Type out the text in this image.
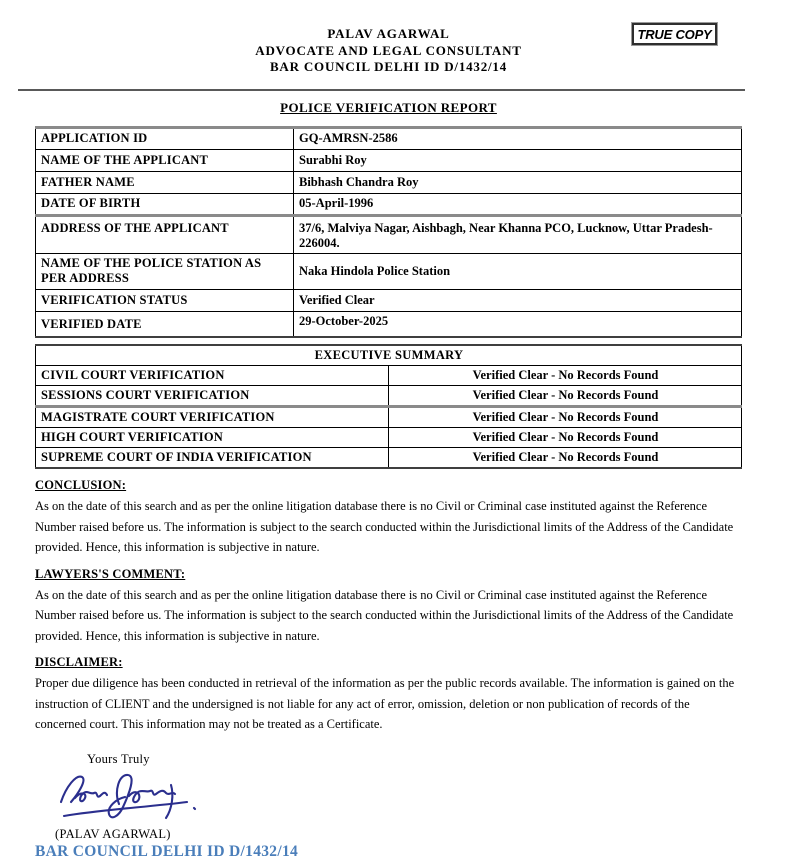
PALAV AGARWAL
ADVOCATE AND LEGAL CONSULTANT
BAR COUNCIL DELHI ID D/1432/14
TRUE COPY
POLICE VERIFICATION REPORT
APPLICATION ID	GQ-AMRSN-2586
NAME OF THE APPLICANT	Surabhi Roy
FATHER NAME	Bibhash Chandra Roy
DATE OF BIRTH	05-April-1996
ADDRESS OF THE APPLICANT	37/6, Malviya Nagar, Aishbagh, Near Khanna PCO, Lucknow, Uttar Pradesh-226004.
NAME OF THE POLICE STATION AS PER ADDRESS	Naka Hindola Police Station
VERIFICATION STATUS	Verified Clear
VERIFIED DATE	29-October-2025
EXECUTIVE SUMMARY	
CIVIL COURT VERIFICATION	Verified Clear - No Records Found
SESSIONS COURT VERIFICATION	Verified Clear - No Records Found
MAGISTRATE COURT VERIFICATION	Verified Clear - No Records Found
HIGH COURT VERIFICATION	Verified Clear - No Records Found
SUPREME COURT OF INDIA VERIFICATION	Verified Clear - No Records Found
CONCLUSION:
As on the date of this search and as per the online litigation database there is no Civil or Criminal case instituted against the Reference Number raised before us. The information is subject to the search conducted within the Jurisdictional limits of the Address of the Candidate provided. Hence, this information is subjective in nature.
LAWYERS'S COMMENT:
As on the date of this search and as per the online litigation database there is no Civil or Criminal case instituted against the Reference Number raised before us. The information is subject to the search conducted within the Jurisdictional limits of the Address of the Candidate provided. Hence, this information is subjective in nature.
DISCLAIMER:
Proper due diligence has been conducted in retrieval of the information as per the public records available. The information is gained on the instruction of CLIENT and the undersigned is not liable for any act of error, omission, deletion or non publication of records of the concerned court. This information may not be treated as a Certificate.
Yours Truly
(PALAV AGARWAL)
BAR COUNCIL DELHI ID D/1432/14
